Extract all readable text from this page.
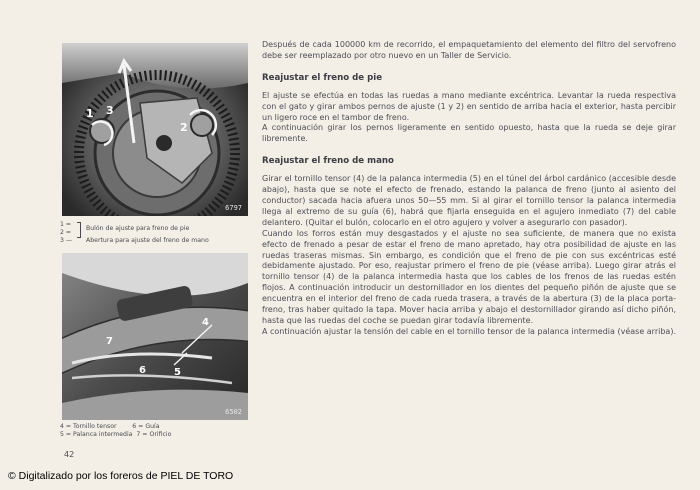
1 3
2
6797
1 =
2 =
Bulón de ajuste para freno de pie
3 — Abertura para ajuste del freno de mano
4
7
6	5
6502
4 = Tornillo tensor        6 = Guía
5 = Palanca intermedia  7 = Orificio

Después de cada 100000 km de recorrido, el empaquetamiento del elemento del filtro del servofreno debe ser reemplazado por otro nuevo en un Taller de Servicio.

Reajustar el freno de pie

El ajuste se efectúa en todas las ruedas a mano mediante excéntrica. Levantar la rueda respectiva con el gato y girar ambos pernos de ajuste (1 y 2) en sentido de arriba hacia el exterior, hasta percibir un ligero roce en el tambor de freno.

A continuación girar los pernos ligeramente en sentido opuesto, hasta que la rueda se deje girar libremente.

Reajustar el freno de mano

Girar el tornillo tensor (4) de la palanca intermedia (5) en el túnel del árbol cardánico (accesible desde abajo), hasta que se note el efecto de frenado, estando la palanca de freno (junto al asiento del conductor) sacada hacia afuera unos 50—55 mm. Si al girar el tornillo tensor la palanca intermedia llega al extremo de su guía (6), habrá que fijarla enseguida en el agujero inmediato (7) del cable delantero. (Quitar el bulón, colocarlo en el otro agujero y volver a asegurarlo con pasador).

Cuando los forros están muy desgastados y el ajuste no sea suficiente, de manera que no exista efecto de frenado a pesar de estar el freno de mano apretado, hay otra posibilidad de ajuste en las ruedas traseras mismas. Sin embargo, es condición que el freno de pie con sus excéntricas esté debidamente ajustado. Por eso, reajustar primero el freno de pie (véase arriba). Luego girar atrás el tornillo tensor (4) de la palanca intermedia hasta que los cables de los frenos de las ruedas estén flojos. A continuación introducir un destornillador en los dientes del pequeño piñón de ajuste que se encuentra en el interior del freno de cada rueda trasera, a través de la abertura (3) de la placa porta-freno, tras haber quitado la tapa. Mover hacia arriba y abajo el destornillador girando así dicho piñón, hasta que las ruedas del coche se puedan girar todavía libremente.

A continuación ajustar la tensión del cable en el tornillo tensor de la palanca intermedia (véase arriba).

42
© Digitalizado por los foreros de PIEL DE TORO
